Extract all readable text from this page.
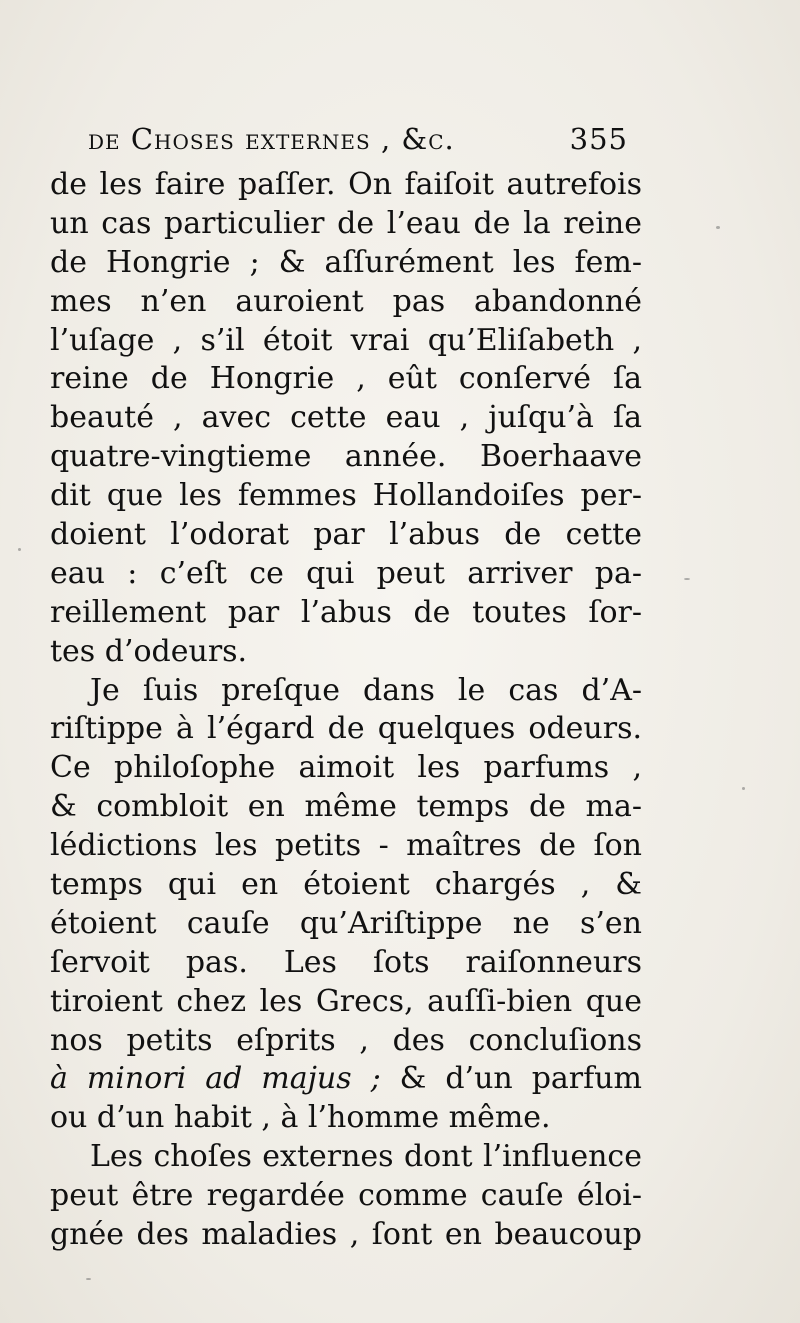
de Choses externes , &c.	355
de les faire paſſer. On faiſoit autrefois
un cas particulier de l’eau de la reine
de Hongrie ; & aſſurément les fem-
mes n’en auroient pas abandonné
l’uſage , s’il étoit vrai qu’Eliſabeth ,
reine de Hongrie , eût conſervé ſa
beauté , avec cette eau , juſqu’à ſa
quatre-vingtieme année. Boerhaave
dit que les femmes Hollandoiſes per-
doient l’odorat par l’abus de cette
eau : c’eſt ce qui peut arriver pa-
reillement par l’abus de toutes ſor-
tes d’odeurs.
Je ſuis preſque dans le cas d’A-
riſtippe à l’égard de quelques odeurs.
Ce philoſophe aimoit les parfums ,
& combloit en même temps de ma-
lédictions les petits - maîtres de ſon
temps qui en étoient chargés , &
étoient cauſe qu’Ariſtippe ne s’en
ſervoit pas. Les ſots raiſonneurs
tiroient chez les Grecs, auſſi-bien que
nos petits eſprits , des concluſions
à minori ad majus ; & d’un parfum
ou d’un habit , à l’homme même.
Les choſes externes dont l’influence
peut être regardée comme cauſe éloi-
gnée des maladies , ſont en beaucoup
